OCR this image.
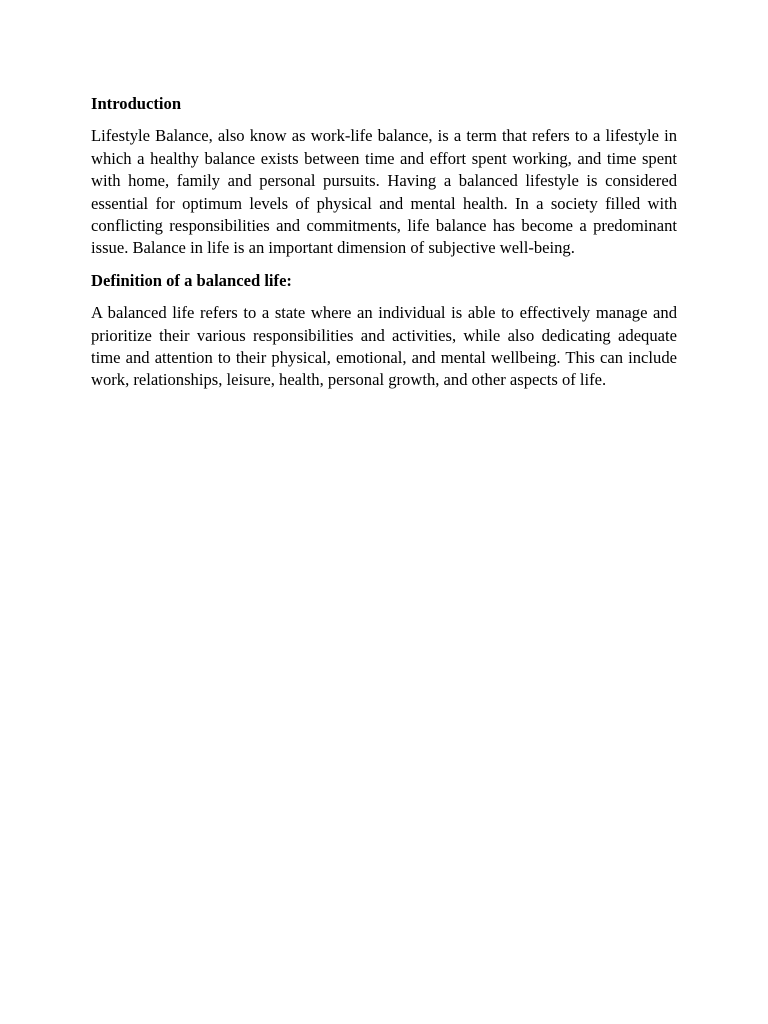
Introduction

Lifestyle Balance, also know as work-life balance, is a term that refers to a lifestyle in which a healthy balance exists between time and effort spent working, and time spent with home, family and personal pursuits. Having a balanced lifestyle is considered essential for optimum levels of physical and mental health. In a society filled with conflicting responsibilities and commitments, life balance has become a predominant issue. Balance in life is an important dimension of subjective well-being.

Definition of a balanced life:

A balanced life refers to a state where an individual is able to effectively manage and prioritize their various responsibilities and activities, while also dedicating adequate time and attention to their physical, emotional, and mental wellbeing. This can include work, relationships, leisure, health, personal growth, and other aspects of life.
